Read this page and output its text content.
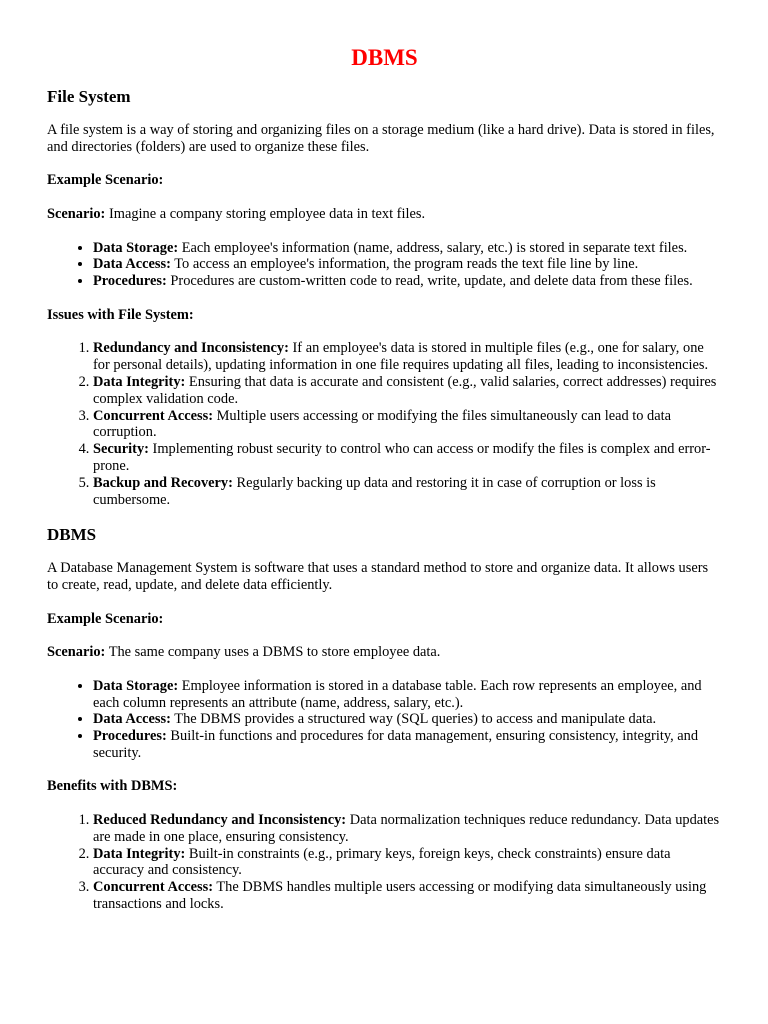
DBMS
File System

A file system is a way of storing and organizing files on a storage medium (like a hard drive). Data is stored in files, and directories (folders) are used to organize these files.

Example Scenario:

Scenario: Imagine a company storing employee data in text files.

• Data Storage: Each employee's information (name, address, salary, etc.) is stored in separate text files.
• Data Access: To access an employee's information, the program reads the text file line by line.
• Procedures: Procedures are custom-written code to read, write, update, and delete data from these files.

Issues with File System:

1. Redundancy and Inconsistency: If an employee's data is stored in multiple files (e.g., one for salary, one for personal details), updating information in one file requires updating all files, leading to inconsistencies.
2. Data Integrity: Ensuring that data is accurate and consistent (e.g., valid salaries, correct addresses) requires complex validation code.
3. Concurrent Access: Multiple users accessing or modifying the files simultaneously can lead to data corruption.
4. Security: Implementing robust security to control who can access or modify the files is complex and error-prone.
5. Backup and Recovery: Regularly backing up data and restoring it in case of corruption or loss is cumbersome.
DBMS

A Database Management System is software that uses a standard method to store and organize data. It allows users to create, read, update, and delete data efficiently.

Example Scenario:

Scenario: The same company uses a DBMS to store employee data.

• Data Storage: Employee information is stored in a database table. Each row represents an employee, and each column represents an attribute (name, address, salary, etc.).
• Data Access: The DBMS provides a structured way (SQL queries) to access and manipulate data.
• Procedures: Built-in functions and procedures for data management, ensuring consistency, integrity, and security.

Benefits with DBMS:

1. Reduced Redundancy and Inconsistency: Data normalization techniques reduce redundancy. Data updates are made in one place, ensuring consistency.
2. Data Integrity: Built-in constraints (e.g., primary keys, foreign keys, check constraints) ensure data accuracy and consistency.
3. Concurrent Access: The DBMS handles multiple users accessing or modifying data simultaneously using transactions and locks.
